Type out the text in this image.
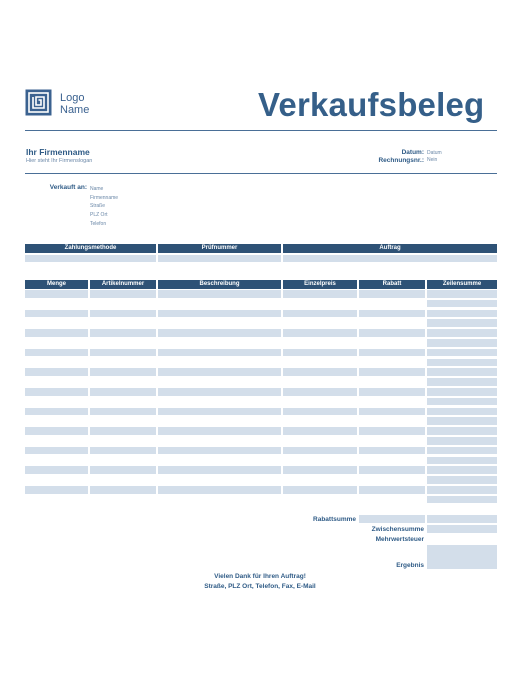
Logo
Name	Verkaufsbeleg
Ihr Firmenname
Hier steht Ihr Firmenslogan
Datum: Datum
Rechnungsnr.: Nein
Verkauft an: Name
Firmenname
Straße
PLZ Ort
Telefon
Zahlungsmethode	Prüfnummer	Auftrag
Menge	Artikelnummer	Beschreibung	Einzelpreis	Rabatt	Zeilensumme
Rabattsumme
Zwischensumme
Mehrwertsteuer
Ergebnis
Vielen Dank für Ihren Auftrag!
Straße, PLZ Ort, Telefon, Fax, E-Mail
